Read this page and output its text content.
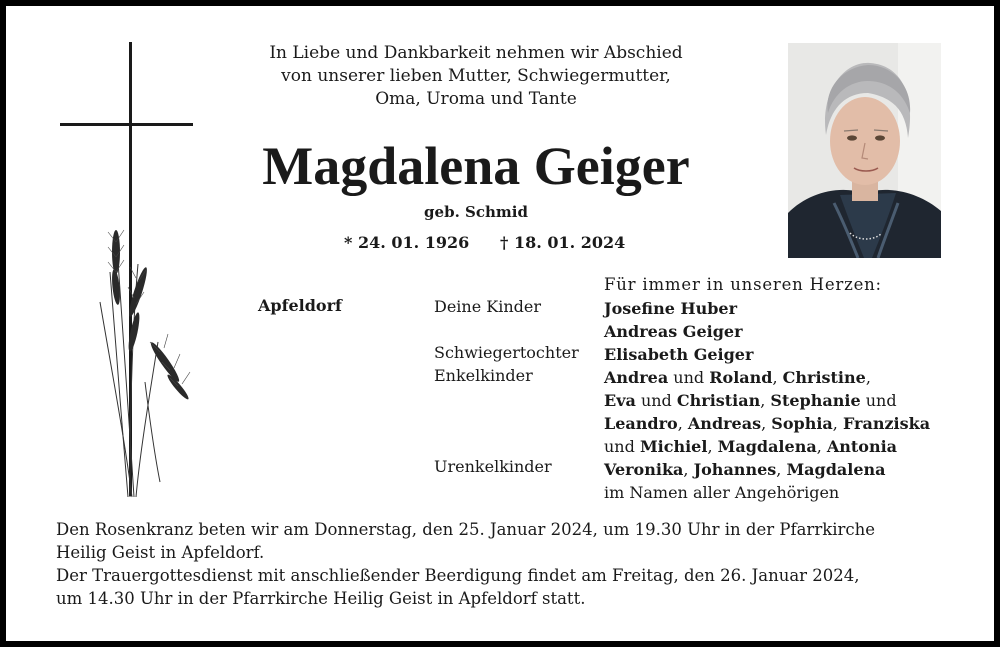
In Liebe und Dankbarkeit nehmen wir Abschied
von unserer lieben Mutter, Schwiegermutter,
Oma, Uroma und Tante
Magdalena Geiger
geb. Schmid
* 24. 01. 1926 † 18. 01. 2024
Für immer in unseren Herzen:
Apfeldorf	Deine Kinder
Schwiegertochter
Enkelkinder
Urenkelkinder
Josefine Huber
Andreas Geiger
Elisabeth Geiger
Andrea und Roland, Christine,
Eva und Christian, Stephanie und
Leandro, Andreas, Sophia, Franziska
und Michiel, Magdalena, Antonia
Veronika, Johannes, Magdalena
im Namen aller Angehörigen
Den Rosenkranz beten wir am Donnerstag, den 25. Januar 2024, um 19.30 Uhr in der Pfarrkirche
Heilig Geist in Apfeldorf.
Der Trauergottesdienst mit anschließender Beerdigung findet am Freitag, den 26. Januar 2024,
um 14.30 Uhr in der Pfarrkirche Heilig Geist in Apfeldorf statt.
